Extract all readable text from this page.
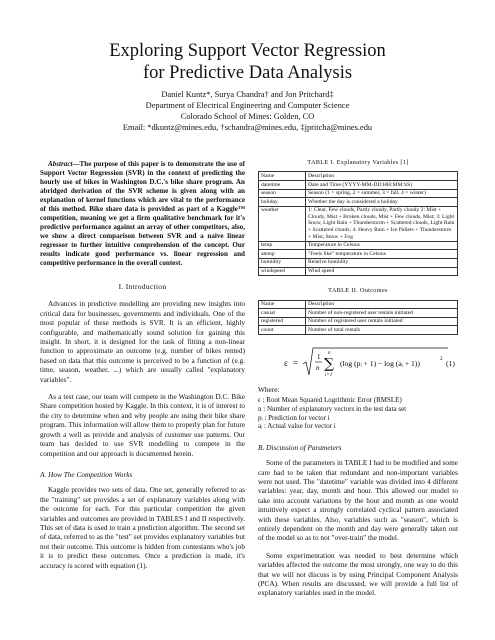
Exploring Support Vector Regression
for Predictive Data Analysis
Daniel Kuntz*, Surya Chandra† and Jon Pritchard‡
Department of Electrical Engineering and Computer Science
Colorado School of Mines: Golden, CO
Email: *dkuntz@mines.edu, †schandra@mines.edu, ‡jpritcha@mines.edu

Abstract—The purpose of this paper is to demonstrate the use of Support Vector Regression (SVR) in the context of predicting the hourly use of bikes in Washington D.C.'s bike share program. An abridged derivation of the SVR scheme is given along with an explanation of kernel functions which are vital to the performance of this method. Bike share data is provided as part of a Kaggle™ competition, meaning we get a firm qualitative benchmark for it's predictive performance against an array of other competitors, also, we show a direct comparison between SVR and a naive linear regressor to further intuitive comprehension of the concept. Our results indicate good performance vs. linear regression and competitive performance in the overall contest.

I. Introduction

Advances in predictive modelling are providing new insights into critical data for businesses, governments and individuals. One of the most popular of these methods is SVR. It is an efficient, highly configurable, and mathematically sound solution for gaining this insight. In short, it is designed for the task of fitting a non-linear function to approximate an outcome (e.g. number of bikes rented) based on data that this outcome is perceived to be a function of (e.g. time, season, weather, ...) which are usually called "explanatory variables".

As a test case, our team will compete in the Washington D.C. Bike Share competition hosted by Kaggle. In this context, it is of interest to the city to determine when and why people are using their bike share program. This information will allow them to properly plan for future growth a well as provide and analysis of customer use patterns. Our team has decided to use SVR modelling to compete in the competition and our approach is documented herein.

A. How The Competition Works

Kaggle provides two sets of data. One set, generally referred to as the "training" set provides a set of explanatory variables along with the outcome for each. For this particular competition the given variables and outcomes are provided in TABLES I and II respectively. This set of data is used to train a prediction algorithm. The second set of data, referred to as the "test" set provides explanatory variables but not their outcome. This outcome is hidden from contestants who's job it is to predict these outcomes. Once a prediction is made, it's accuracy is scored with equation (1).

TABLE I. Explanatory Variables [1]
Name	Description
datetime	Date and Time (YYYY-MM-DD HH:MM:SS)
season	Season (1 = spring, 2 = summer, 3 = fall, 4 = winter)
holiday	Whether the day is considered a holiday
weather	1: Clear, Few clouds, Partly cloudy, Partly cloudy 2: Mist + Cloudy, Mist + Broken clouds, Mist + Few clouds, Mist; 3: Light Snow, Light Rain + Thunderstorm + Scattered clouds, Light Rain + Scattered clouds; 4: Heavy Rain + Ice Pallets + Thunderstorm + Mist, Snow + Fog
temp	Temperature in Celsius
atemp	"Feels like" temperature in Celsius
humidity	Relative humidity
windspeed	Wind speed
TABLE II. Outcomes
Name	Description
casual	Number of non-registered user rentals initiated
registered	Number of registered user rentals initiated
count	Number of total rentals
ε =
1
n
n
∑
i=1
(log (pᵢ + 1) − log (aᵢ + 1))	2 (1)

Where:

ϵ : Root Mean Squared Logrithmic Error (RMSLE)
n : Number of explanatory vectors in the test data set
pᵢ : Prediction for vector i
aᵢ : Actual value for vector i
B. Discussion of Parameters

Some of the parameters in TABLE I had to be modified and some care had to be taken that redundant and non-important variables were not used. The "datetime" variable was divided into 4 different variables: year, day, month and hour. This allowed our model to take into account variations by the hour and month as one would intuitively expect a strongly correlated cyclical pattern associated with these variables. Also, variables such as "season", which is entirely dependent on the month and day were generally taken out of the model so as to not "over-train" the model.

Some experimentation was needed to best determine which variables affected the outcome the most strongly, one way to do this that we will not discuss is by using Principal Component Analysis (PCA). When results are discussed, we will provide a full list of explanatory variables used in the model.
